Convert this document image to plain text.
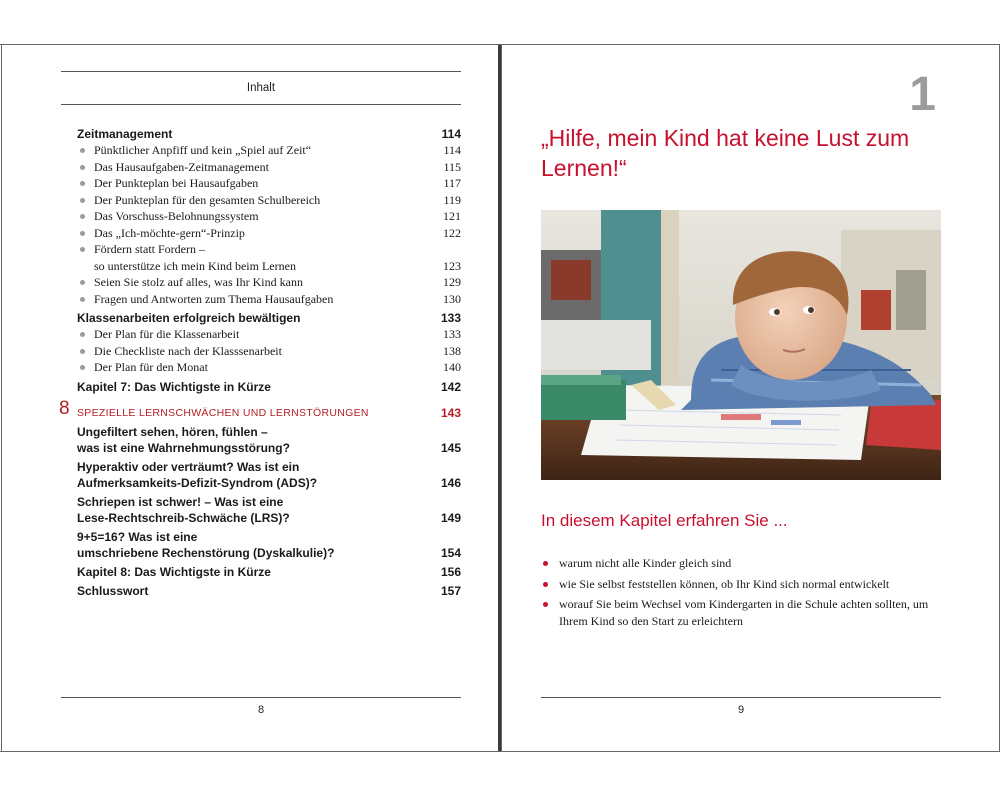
Inhalt
Zeitmanagement	114
Pünktlicher Anpfiff und kein „Spiel auf Zeit“	114
Das Hausaufgaben-Zeitmanagement	115
Der Punkteplan bei Hausaufgaben	117
Der Punkteplan für den gesamten Schulbereich	119
Das Vorschuss-Belohnungssystem	121
Das „Ich-möchte-gern“-Prinzip	122
Fördern statt Fordern –
so unterstütze ich mein Kind beim Lernen	123
Seien Sie stolz auf alles, was Ihr Kind kann	129
Fragen und Antworten zum Thema Hausaufgaben	130
Klassenarbeiten erfolgreich bewältigen	133
Der Plan für die Klassenarbeit	133
Die Checkliste nach der Klasssenarbeit	138
Der Plan für den Monat	140
Kapitel 7: Das Wichtigste in Kürze	142
8 SPEZIELLE LERNSCHWÄCHEN UND LERNSTÖRUNGEN	143
Ungefiltert sehen, hören, fühlen –
was ist eine Wahrnehmungsstörung?	145
Hyperaktiv oder verträumt? Was ist ein
Aufmerksamkeits-Defizit-Syndrom (ADS)?	146
Schriepen ist schwer! – Was ist eine
Lese-Rechtschreib-Schwäche (LRS)?	149
9+5=16? Was ist eine
umschriebene Rechenstörung (Dyskalkulie)?	154
Kapitel 8: Das Wichtigste in Kürze	156
Schlusswort	157
8
1
„Hilfe, mein Kind hat keine Lust zum Lernen!“
In diesem Kapitel erfahren Sie ...
warum nicht alle Kinder gleich sind
wie Sie selbst feststellen können, ob Ihr Kind sich normal entwickelt
worauf Sie beim Wechsel vom Kindergarten in die Schule achten sollten, um Ihrem Kind so den Start zu erleichtern
9
